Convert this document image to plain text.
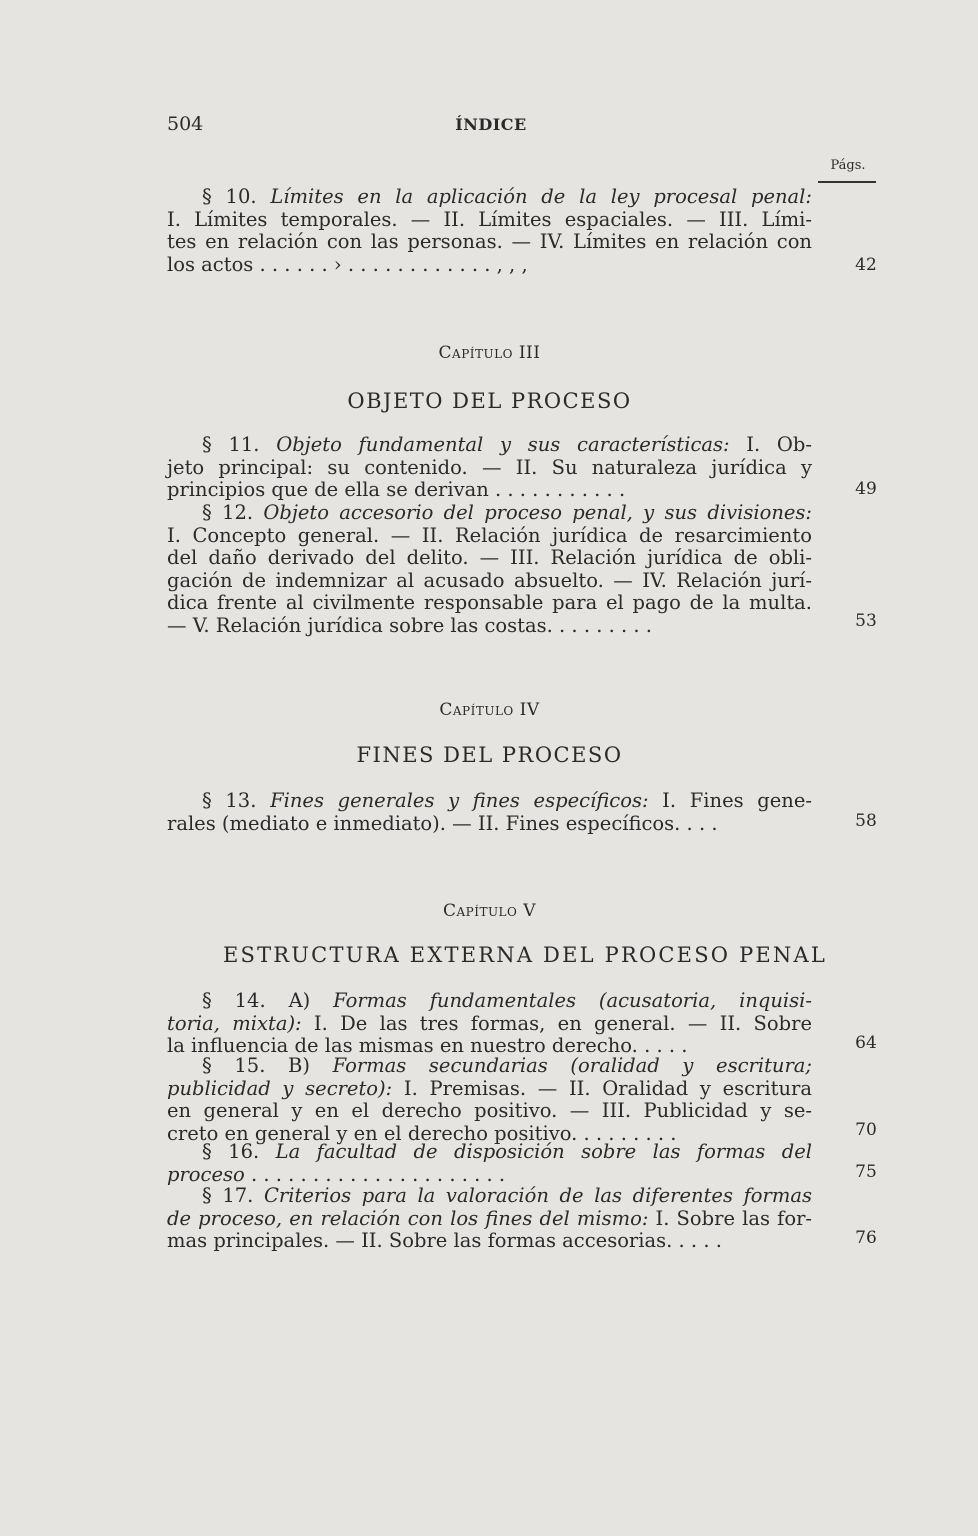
504	ÍNDICE
Págs.
§ 10. Límites en la aplicación de la ley procesal penal:
I. Límites temporales. — II. Límites espaciales. — III. Lími-
tes en relación con las personas. — IV. Límites en relación con
los actos . . . . . . › . . . . . . . . . . . . , , ,	42
Capítulo III
OBJETO DEL PROCESO
§ 11. Objeto fundamental y sus características: I. Ob-
jeto principal: su contenido. — II. Su naturaleza jurídica y
principios que de ella se derivan . . . . . . . . . . .	49
§ 12. Objeto accesorio del proceso penal, y sus divisiones:
I. Concepto general. — II. Relación jurídica de resarcimiento
del daño derivado del delito. — III. Relación jurídica de obli-
gación de indemnizar al acusado absuelto. — IV. Relación jurí-
dica frente al civilmente responsable para el pago de la multa.
— V. Relación jurídica sobre las costas. . . . . . . . .	53
Capítulo IV
FINES DEL PROCESO
§ 13. Fines generales y fines específicos: I. Fines gene-
rales (mediato e inmediato). — II. Fines específicos. . . .	58
Capítulo V
ESTRUCTURA EXTERNA DEL PROCESO PENAL
§ 14. A) Formas fundamentales (acusatoria, inquisi-
toria, mixta): I. De las tres formas, en general. — II. Sobre
la influencia de las mismas en nuestro derecho. . . . .	64
§ 15. B) Formas secundarias (oralidad y escritura;
publicidad y secreto): I. Premisas. — II. Oralidad y escritura
en general y en el derecho positivo. — III. Publicidad y se-
creto en general y en el derecho positivo. . . . . . . . .	70
§ 16. La facultad de disposición sobre las formas del
proceso . . . . . . . . . . . . . . . . . . . . .	75
§ 17. Criterios para la valoración de las diferentes formas
de proceso, en relación con los fines del mismo: I. Sobre las for-
mas principales. — II. Sobre las formas accesorias. . . . .	76
